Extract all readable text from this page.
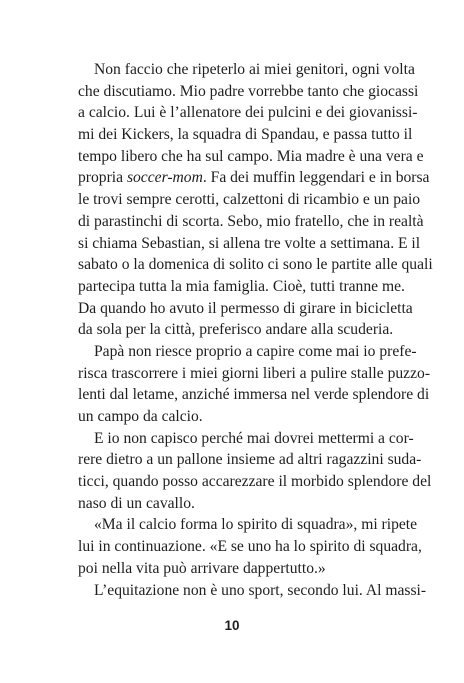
Non faccio che ripeterlo ai miei genitori, ogni volta
che discutiamo. Mio padre vorrebbe tanto che giocassi
a calcio. Lui è l’allenatore dei pulcini e dei giovanissi-
mi dei Kickers, la squadra di Spandau, e passa tutto il
tempo libero che ha sul campo. Mia madre è una vera e
propria soccer-mom. Fa dei muffin leggendari e in borsa
le trovi sempre cerotti, calzettoni di ricambio e un paio
di parastinchi di scorta. Sebo, mio fratello, che in realtà
si chiama Sebastian, si allena tre volte a settimana. E il
sabato o la domenica di solito ci sono le partite alle quali
partecipa tutta la mia famiglia. Cioè, tutti tranne me.
Da quando ho avuto il permesso di girare in bicicletta
da sola per la città, preferisco andare alla scuderia.
Papà non riesce proprio a capire come mai io prefe-
risca trascorrere i miei giorni liberi a pulire stalle puzzo-
lenti dal letame, anziché immersa nel verde splendore di
un campo da calcio.
E io non capisco perché mai dovrei mettermi a cor-
rere dietro a un pallone insieme ad altri ragazzini suda-
ticci, quando posso accarezzare il morbido splendore del
naso di un cavallo.
«Ma il calcio forma lo spirito di squadra», mi ripete
lui in continuazione. «E se uno ha lo spirito di squadra,
poi nella vita può arrivare dappertutto.»
L’equitazione non è uno sport, secondo lui. Al massi-
10
